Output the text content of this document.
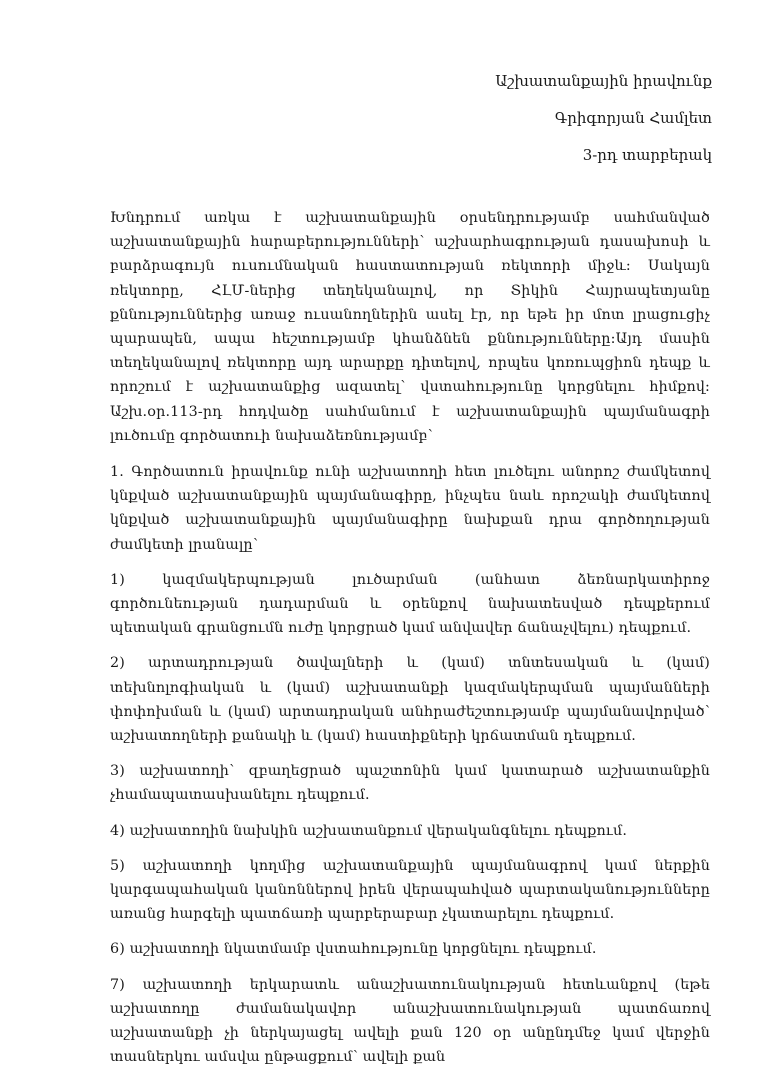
Աշխատանքային իրավունք
Գրիգորյան Համլետ
3-րդ տարբերակ

Խնդրում առկա է աշխատանքային օրսենդրությամբ սահմանված աշխատանքային հարաբերությունների՝ աշխարհագրության դասախոսի և բարձրագույն ուսումնական հաստատության ռեկտորի միջև: Սակայն ռեկտորը, ՀԼՄ-ներից տեղեկանալով, որ Տիկին Հայրապետյանը քննություններից առաջ ուսանողներին ասել էր, որ եթե իր մոտ լրացուցիչ պարապեն, ապա հեշտությամբ կհանձնեն քննությունները:Այդ մասին տեղեկանալով ռեկտորը այդ արարքը դիտելով, որպես կոռուպցիոն դեպք և որոշում է աշխատանքից ազատել՝ վստահությունը կորցնելու հիմքով: Աշխ.օր.113-րդ հոդվածը սահմանում է աշխատանքային պայմանագրի լուծումը գործատուի նախաձեռնությամբ՝

1. Գործատուն իրավունք ունի աշխատողի հետ լուծելու անորոշ ժամկետով կնքված աշխատանքային պայմանագիրը, ինչպես նաև որոշակի ժամկետով կնքված աշխատանքային պայմանագիրը նախքան դրա գործողության ժամկետի լրանալը՝

1) կազմակերպության լուծարման (անհատ ձեռնարկատիրոջ գործունեության դադարման և օրենքով նախատեսված դեպքերում պետական գրանցումն ուժը կորցրած կամ անվավեր ճանաչվելու) դեպքում.

2) արտադրության ծավալների և (կամ) տնտեսական և (կամ) տեխնոլոգիական և (կամ) աշխատանքի կազմակերպման պայմանների փոփոխման և (կամ) արտադրական անհրաժեշտությամբ պայմանավորված՝ աշխատողների քանակի և (կամ) հաստիքների կրճատման դեպքում.

3) աշխատողի՝ զբաղեցրած պաշտոնին կամ կատարած աշխատանքին չհամապատասխանելու դեպքում.

4) աշխատողին նախկին աշխատանքում վերականգնելու դեպքում.

5) աշխատողի կողմից աշխատանքային պայմանագրով կամ ներքին կարգապահական կանոններով իրեն վերապահված պարտականությունները առանց հարգելի պատճառի պարբերաբար չկատարելու դեպքում.

6) աշխատողի նկատմամբ վստահությունը կորցնելու դեպքում.

7) աշխատողի երկարատև անաշխատունակության հետևանքով (եթե աշխատողը ժամանակավոր անաշխատունակության պատճառով աշխատանքի չի ներկայացել ավելի քան 120 օր անընդմեջ կամ վերջին տասներկու ամսվա ընթացքում՝ ավելի քան
